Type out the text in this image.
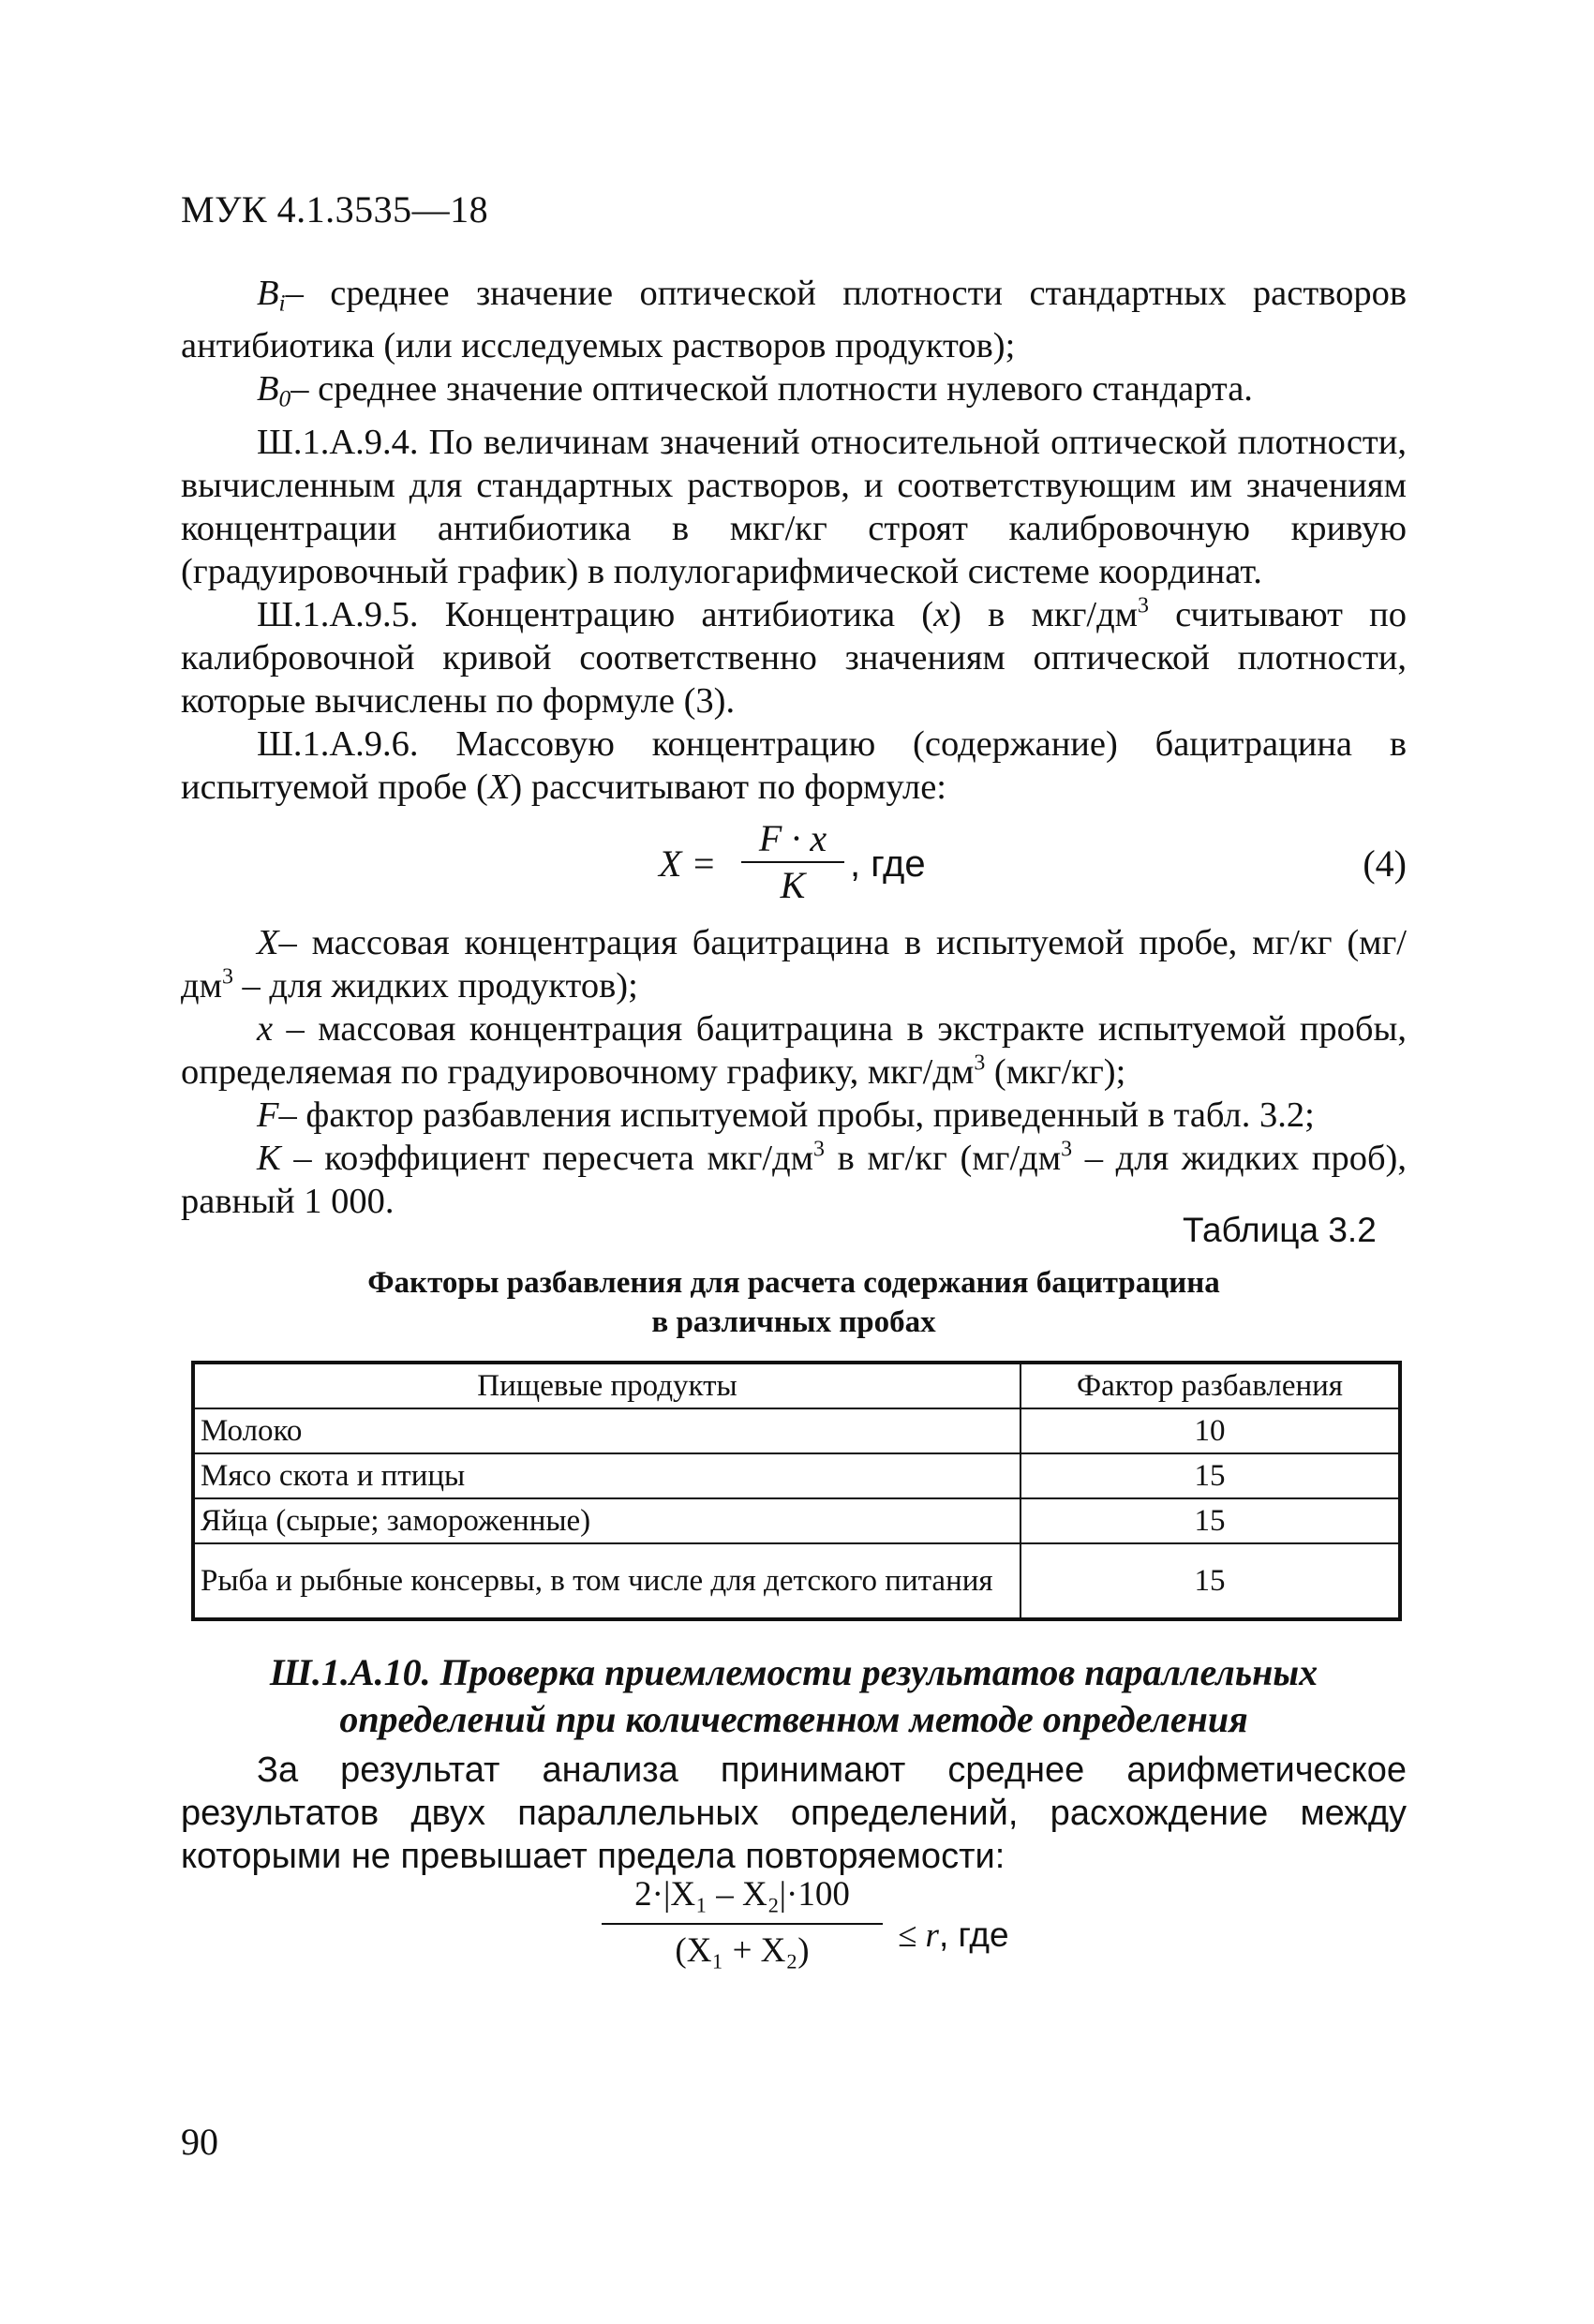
МУК 4.1.3535—18

$B_i-$ среднее значение оптической плотности стандартных растворов антибиотика (или исследуемых растворов продуктов);

$B_0-$ среднее значение оптической плотности нулевого стандарта.

Ш.1.А.9.4. По величинам значений относительной оптической плотности, вычисленным для стандартных растворов, и соответствующим им значениям концентрации антибиотика в мкг/кг строят калибровочную кривую (градуировочный график) в полулогарифмической системе координат.

Ш.1.А.9.5. Концентрацию антибиотика (x) в мкг/$дм^3$ считывают по калибровочной кривой соответственно значениям оптической плотности, которые вычислены по формуле (3).

Ш.1.А.9.6. Массовую концентрацию (содержание) бацитрацина в испытуемой пробе (X) рассчитывают по формуле:

X =
F · x
K	, где	(4)

X– массовая концентрация бацитрацина в испытуемой пробе, мг/кг ($мг/дм^3$ – для жидких продуктов);

x – массовая концентрация бацитрацина в экстракте испытуемой пробы, определяемая по градуировочному графику, мкг/$дм^3$ (мкг/кг);

F– фактор разбавления испытуемой пробы, приведенный в табл. 3.2;

K – коэффициент пересчета мкг/$дм^3$ в мг/кг ($мг/дм^3$ – для жидких проб), равный 1 000.

Таблица 3.2
Факторы разбавления для расчета содержания бацитрацина
в различных пробах
Пищевые продукты	Фактор разбавления
Молоко	10
Мясо скота и птицы	15
Яйца (сырые; замороженные)	15
Рыба и рыбные консервы, в том числе для детского питания	15
Ш.1.А.10. Проверка приемлемости результатов параллельных
определений при количественном методе определения

За результат анализа принимают среднее арифметическое результатов двух параллельных определений, расхождение между которыми не превышает предела повторяемости:

2·|X₁ – X₂|·100
(X₁ + X₂)	≤ r, где
90
